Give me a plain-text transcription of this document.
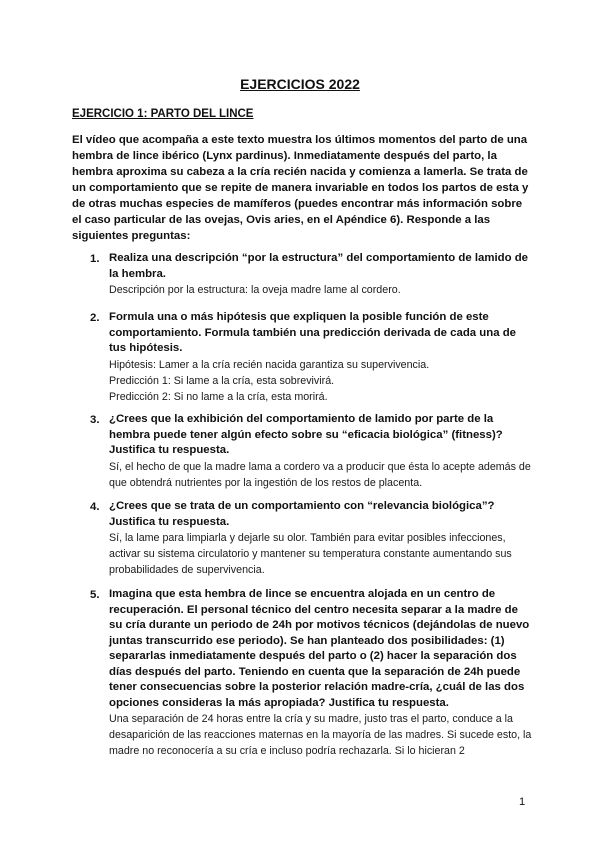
EJERCICIOS 2022
EJERCICIO 1: PARTO DEL LINCE
El vídeo que acompaña a este texto muestra los últimos momentos del parto de una hembra de lince ibérico (Lynx pardinus). Inmediatamente después del parto, la hembra aproxima su cabeza a la cría recién nacida y comienza a lamerla. Se trata de un comportamiento que se repite de manera invariable en todos los partos de esta y de otras muchas especies de mamíferos (puedes encontrar más información sobre el caso particular de las ovejas, Ovis aries, en el Apéndice 6). Responde a las siguientes preguntas:
1. Realiza una descripción “por la estructura” del comportamiento de lamido de la hembra.
Descripción por la estructura: la oveja madre lame al cordero.
2. Formula una o más hipótesis que expliquen la posible función de este comportamiento. Formula también una predicción derivada de cada una de tus hipótesis.
Hipótesis: Lamer a la cría recién nacida garantiza su supervivencia.
Predicción 1: Si lame a la cría, esta sobrevivirá.
Predicción 2: Si no lame a la cría, esta morirá.
3. ¿Crees que la exhibición del comportamiento de lamido por parte de la hembra puede tener algún efecto sobre su “eficacia biológica” (fitness)? Justifica tu respuesta.
Sí, el hecho de que la madre lama a cordero va a producir que ésta lo acepte además de que obtendrá nutrientes por la ingestión de los restos de placenta.
4. ¿Crees que se trata de un comportamiento con “relevancia biológica”? Justifica tu respuesta.
Sí, la lame para limpiarla y dejarle su olor. También para evitar posibles infecciones, activar su sistema circulatorio y mantener su temperatura constante aumentando sus probabilidades de supervivencia.
5. Imagina que esta hembra de lince se encuentra alojada en un centro de recuperación. El personal técnico del centro necesita separar a la madre de su cría durante un periodo de 24h por motivos técnicos (dejándolas de nuevo juntas transcurrido ese periodo). Se han planteado dos posibilidades: (1) separarlas inmediatamente después del parto o (2) hacer la separación dos días después del parto. Teniendo en cuenta que la separación de 24h puede tener consecuencias sobre la posterior relación madre-cría, ¿cuál de las dos opciones consideras la más apropiada? Justifica tu respuesta.
Una separación de 24 horas entre la cría y su madre, justo tras el parto, conduce a la desaparición de las reacciones maternas en la mayoría de las madres. Si sucede esto, la madre no reconocería a su cría e incluso podría rechazarla. Si lo hicieran 2
1
